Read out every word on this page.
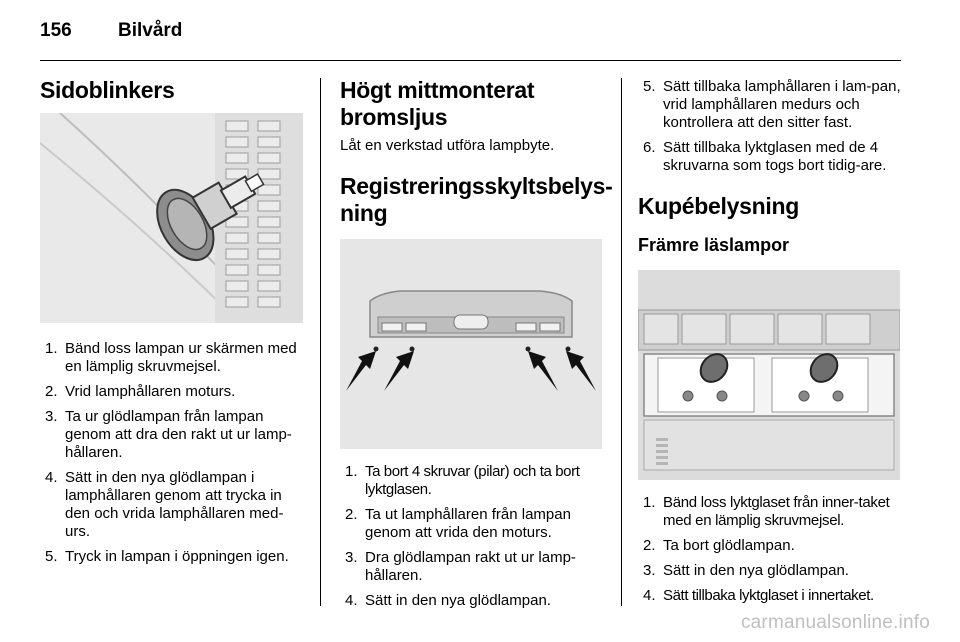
156 Bilvård
Sidoblinkers
1. Bänd loss lampan ur skärmen med en lämplig skruvmejsel.
2. Vrid lamphållaren moturs.
3. Ta ur glödlampan från lampan genom att dra den rakt ut ur lamp-hållaren.
4. Sätt in den nya glödlampan i lamphållaren genom att trycka in den och vrida lamphållaren med-urs.
5. Tryck in lampan i öppningen igen.
Högt mittmonterat bromsljus

Låt en verkstad utföra lampbyte.

Registreringsskyltsbelys-ning
1. Ta bort 4 skruvar (pilar) och ta bort lyktglasen.
2. Ta ut lamphållaren från lampan genom att vrida den moturs.
3. Dra glödlampan rakt ut ur lamp-hållaren.
4. Sätt in den nya glödlampan.
5. Sätt tillbaka lamphållaren i lam-pan, vrid lamphållaren medurs och kontrollera att den sitter fast.
6. Sätt tillbaka lyktglasen med de 4 skruvarna som togs bort tidig-are.
Kupébelysning
Främre läslampor
1. Bänd loss lyktglaset från inner-taket med en lämplig skruvmejsel.
2. Ta bort glödlampan.
3. Sätt in den nya glödlampan.
4. Sätt tillbaka lyktglaset i innertaket.
carmanualsonline.info
